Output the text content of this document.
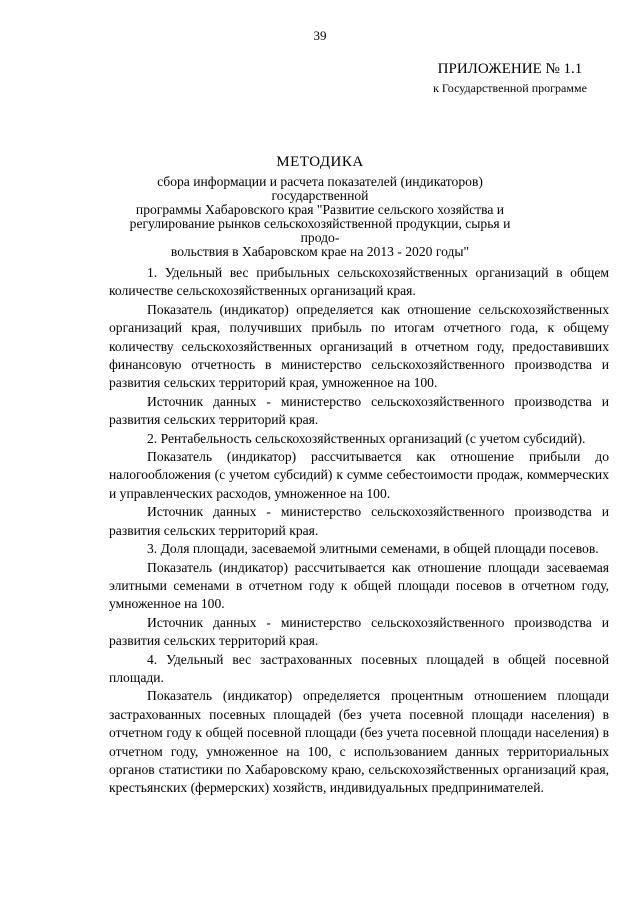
39
ПРИЛОЖЕНИЕ № 1.1
к Государственной программе
МЕТОДИКА
сбора информации и расчета показателей (индикаторов) государственной
программы Хабаровского края "Развитие сельского хозяйства и
регулирование рынков сельскохозяйственной продукции, сырья и продо-
вольствия в Хабаровском крае на 2013 - 2020 годы"

1. Удельный вес прибыльных сельскохозяйственных организаций в общем количестве сельскохозяйственных организаций края.

Показатель (индикатор) определяется как отношение сельскохозяйственных организаций края, получивших прибыль по итогам отчетного года, к общему количеству сельскохозяйственных организаций в отчетном году, предоставивших финансовую отчетность в министерство сельскохозяйственного производства и развития сельских территорий края, умноженное на 100.

Источник данных - министерство сельскохозяйственного производства и развития сельских территорий края.

2. Рентабельность сельскохозяйственных организаций (с учетом субсидий).

Показатель (индикатор) рассчитывается как отношение прибыли до налогообложения (с учетом субсидий) к сумме себестоимости продаж, коммерческих и управленческих расходов, умноженное на 100.

Источник данных - министерство сельскохозяйственного производства и развития сельских территорий края.

3. Доля площади, засеваемой элитными семенами, в общей площади посевов.

Показатель (индикатор) рассчитывается как отношение площади засеваемая элитными семенами в отчетном году к общей площади посевов в отчетном году, умноженное на 100.

Источник данных - министерство сельскохозяйственного производства и развития сельских территорий края.

4. Удельный вес застрахованных посевных площадей в общей посевной площади.

Показатель (индикатор) определяется процентным отношением площади застрахованных посевных площадей (без учета посевной площади населения) в отчетном году к общей посевной площади (без учета посевной площади населения) в отчетном году, умноженное на 100, с использованием данных территориальных органов статистики по Хабаровскому краю, сельскохозяйственных организаций края, крестьянских (фермерских) хозяйств, индивидуальных предпринимателей.
